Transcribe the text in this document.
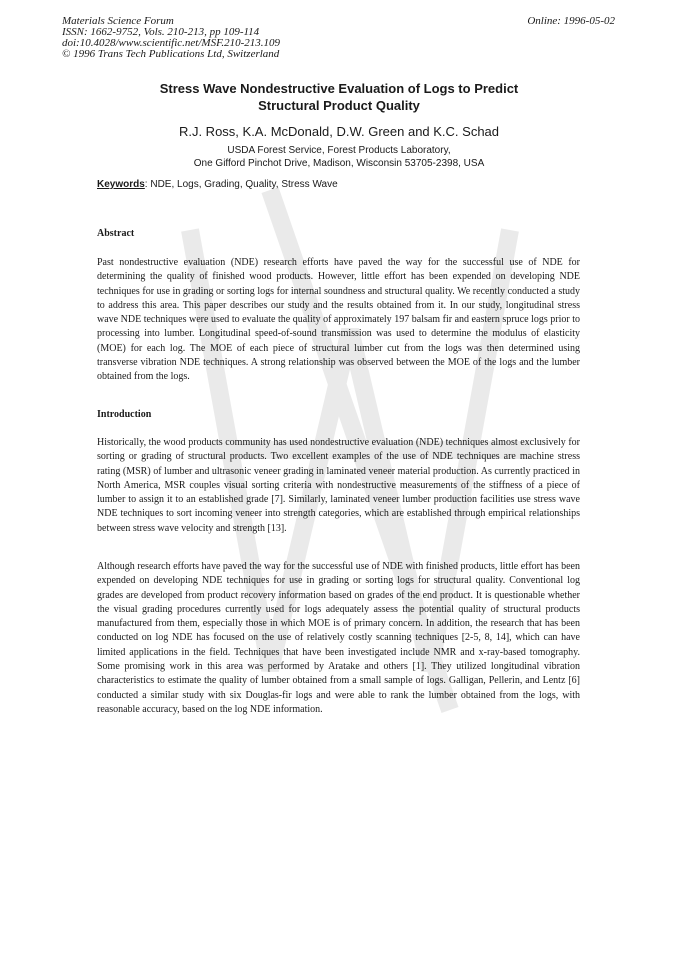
Materials Science Forum
ISSN: 1662-9752, Vols. 210-213, pp 109-114
doi:10.4028/www.scientific.net/MSF.210-213.109
© 1996 Trans Tech Publications Ltd, Switzerland
Online: 1996-05-02
Stress Wave Nondestructive Evaluation of Logs to Predict
Structural Product Quality
R.J. Ross, K.A. McDonald, D.W. Green and K.C. Schad
USDA Forest Service, Forest Products Laboratory,
One Gifford Pinchot Drive, Madison, Wisconsin 53705-2398, USA
Keywords: NDE, Logs, Grading, Quality, Stress Wave
Abstract

Past nondestructive evaluation (NDE) research efforts have paved the way for the successful use of NDE for determining the quality of finished wood products. However, little effort has been expended on developing NDE techniques for use in grading or sorting logs for internal soundness and structural quality. We recently conducted a study to address this area. This paper describes our study and the results obtained from it. In our study, longitudinal stress wave NDE techniques were used to evaluate the quality of approximately 197 balsam fir and eastern spruce logs prior to processing into lumber. Longitudinal speed-of-sound transmission was used to determine the modulus of elasticity (MOE) for each log. The MOE of each piece of structural lumber cut from the logs was then determined using transverse vibration NDE techniques. A strong relationship was observed between the MOE of the logs and the lumber obtained from the logs.

Introduction

Historically, the wood products community has used nondestructive evaluation (NDE) techniques almost exclusively for sorting or grading of structural products. Two excellent examples of the use of NDE techniques are machine stress rating (MSR) of lumber and ultrasonic veneer grading in laminated veneer material production. As currently practiced in North America, MSR couples visual sorting criteria with nondestructive measurements of the stiffness of a piece of lumber to assign it to an established grade [7]. Similarly, laminated veneer lumber production facilities use stress wave NDE techniques to sort incoming veneer into strength categories, which are established through empirical relationships between stress wave velocity and strength [13].

Although research efforts have paved the way for the successful use of NDE with finished products, little effort has been expended on developing NDE techniques for use in grading or sorting logs for structural quality. Conventional log grades are developed from product recovery information based on grades of the end product. It is questionable whether the visual grading procedures currently used for logs adequately assess the potential quality of structural products manufactured from them, especially those in which MOE is of primary concern. In addition, the research that has been conducted on log NDE has focused on the use of relatively costly scanning techniques [2-5, 8, 14], which can have limited applications in the field. Techniques that have been investigated include NMR and x-ray-based tomography. Some promising work in this area was performed by Aratake and others [1]. They utilized longitudinal vibration characteristics to estimate the quality of lumber obtained from a small sample of logs. Galligan, Pellerin, and Lentz [6] conducted a similar study with six Douglas-fir logs and were able to rank the lumber obtained from the logs, with reasonable accuracy, based on the log NDE information.
